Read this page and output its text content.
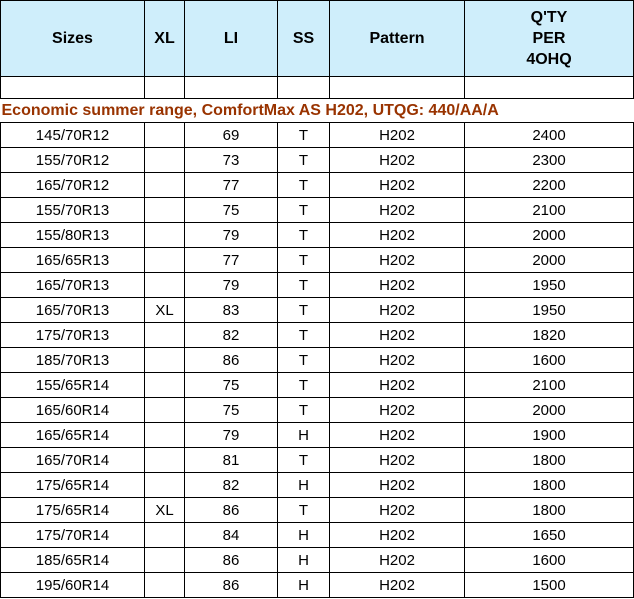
Sizes	XL	LI	SS	Pattern	Q'TY
PER
4OHQ

Economic summer range, ComfortMax AS H202, UTQG: 440/AA/A					
145/70R12		69	T	H202	2400
155/70R12		73	T	H202	2300
165/70R12		77	T	H202	2200
155/70R13		75	T	H202	2100
155/80R13		79	T	H202	2000
165/65R13		77	T	H202	2000
165/70R13		79	T	H202	1950
165/70R13	XL	83	T	H202	1950
175/70R13		82	T	H202	1820
185/70R13		86	T	H202	1600
155/65R14		75	T	H202	2100
165/60R14		75	T	H202	2000
165/65R14		79	H	H202	1900
165/70R14		81	T	H202	1800
175/65R14		82	H	H202	1800
175/65R14	XL	86	T	H202	1800
175/70R14		84	H	H202	1650
185/65R14		86	H	H202	1600
195/60R14		86	H	H202	1500
